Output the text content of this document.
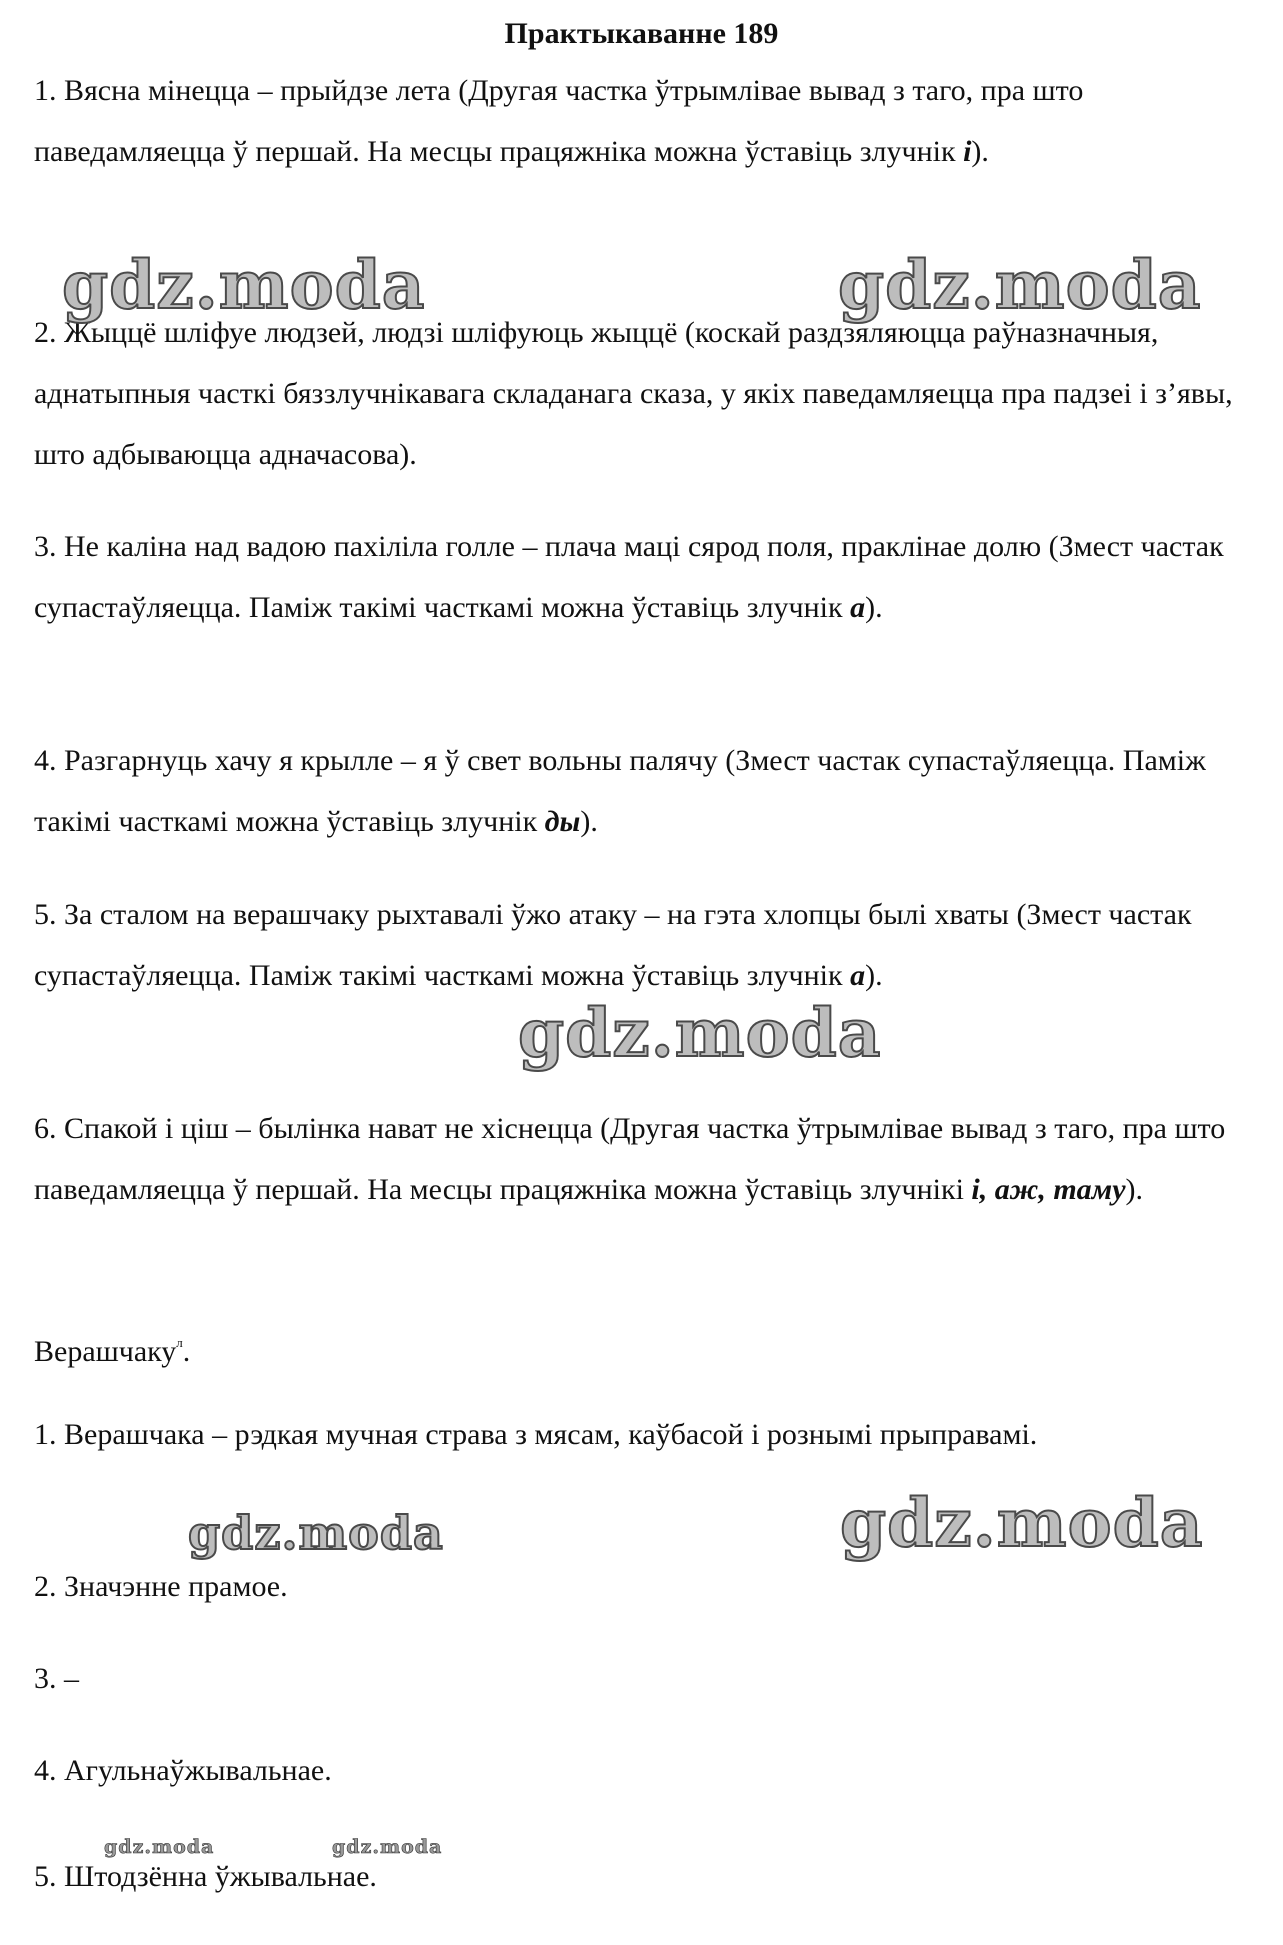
Практыкаванне 189

1. Вясна мінецца – прыйдзе лета (Другая частка ўтрымлівае вывад з таго, пра што паведамляецца ў першай. На месцы працяжніка можна ўставіць злучнік і).

2. Жыццё шліфуе людзей, людзі шліфуюць жыццё (коскай раздзяляюцца раўназначныя, аднатыпныя часткі бяззлучнікавага складанага сказа, у якіх паведамляецца пра падзеі і з’явы, што адбываюцца адначасова).

3. Не каліна над вадою пахіліла голле – плача маці сярод поля, праклінае долю (Змест частак супастаўляецца. Паміж такімі часткамі можна ўставіць злучнік а).

4. Разгарнуць хачу я крылле – я ў свет вольны палячу (Змест частак супастаўляецца. Паміж такімі часткамі можна ўставіць злучнік ды).

5. За сталом на верашчаку рыхтавалі ўжо атаку – на гэта хлопцы былі хваты (Змест частак супастаўляецца. Паміж такімі часткамі можна ўставіць злучнік а).

6. Спакой і ціш – былінка нават не хіснецца (Другая частка ўтрымлівае вывад з таго, пра што паведамляецца ў першай. На месцы працяжніка можна ўставіць злучнікі і, аж, таму).

Верашчаку$^л$.

1. Верашчака – рэдкая мучная страва з мясам, каўбасой і рознымі прыправамі.

2. Значэнне прамое.

3. –

4. Агульнаўжывальнае.

5. Штодзённа ўжывальнае.

gdz.moda	gdz.moda
gdz.moda
gdz.moda
gdz.moda
gdz.moda	gdz.moda
